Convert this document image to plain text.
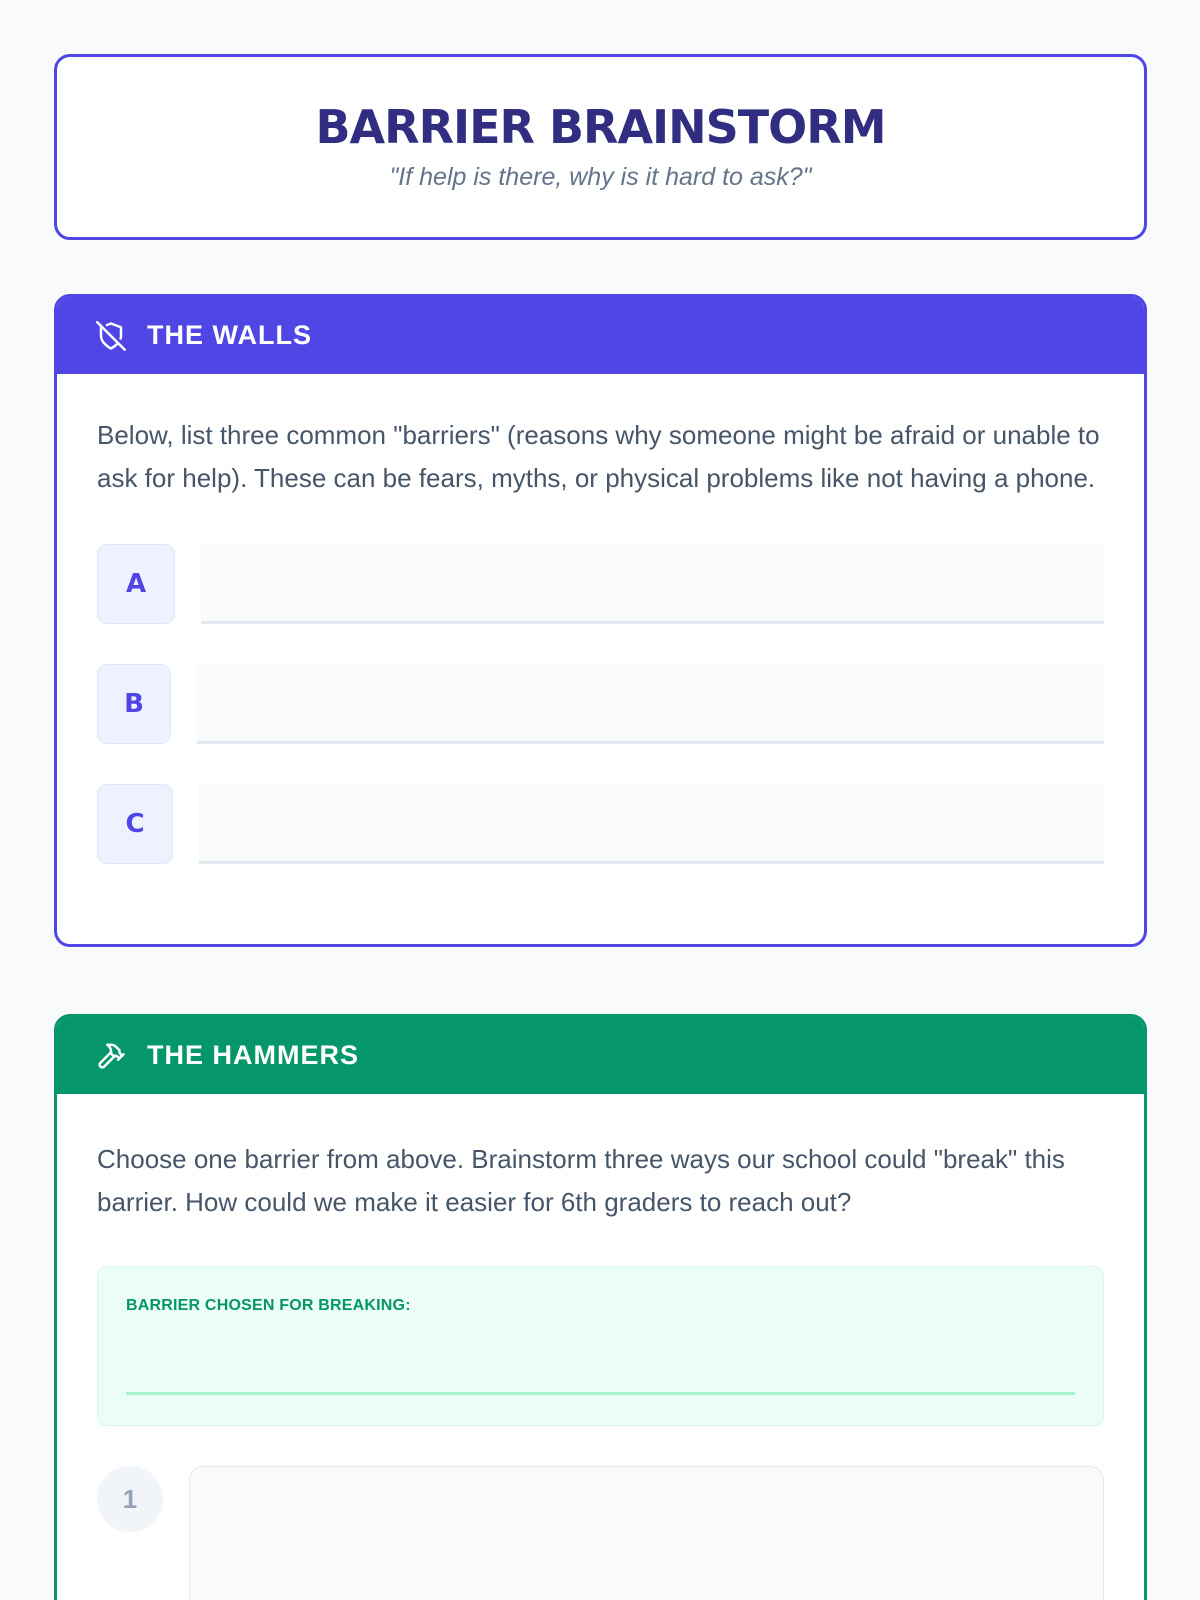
BARRIER BRAINSTORM
"If help is there, why is it hard to ask?"
THE WALLS

Below, list three common "barriers" (reasons why someone might be afraid or unable to ask for help). These can be fears, myths, or physical problems like not having a phone.

A
B
C
THE HAMMERS

Choose one barrier from above. Brainstorm three ways our school could "break" this barrier. How could we make it easier for 6th graders to reach out?

BARRIER CHOSEN FOR BREAKING:
1
